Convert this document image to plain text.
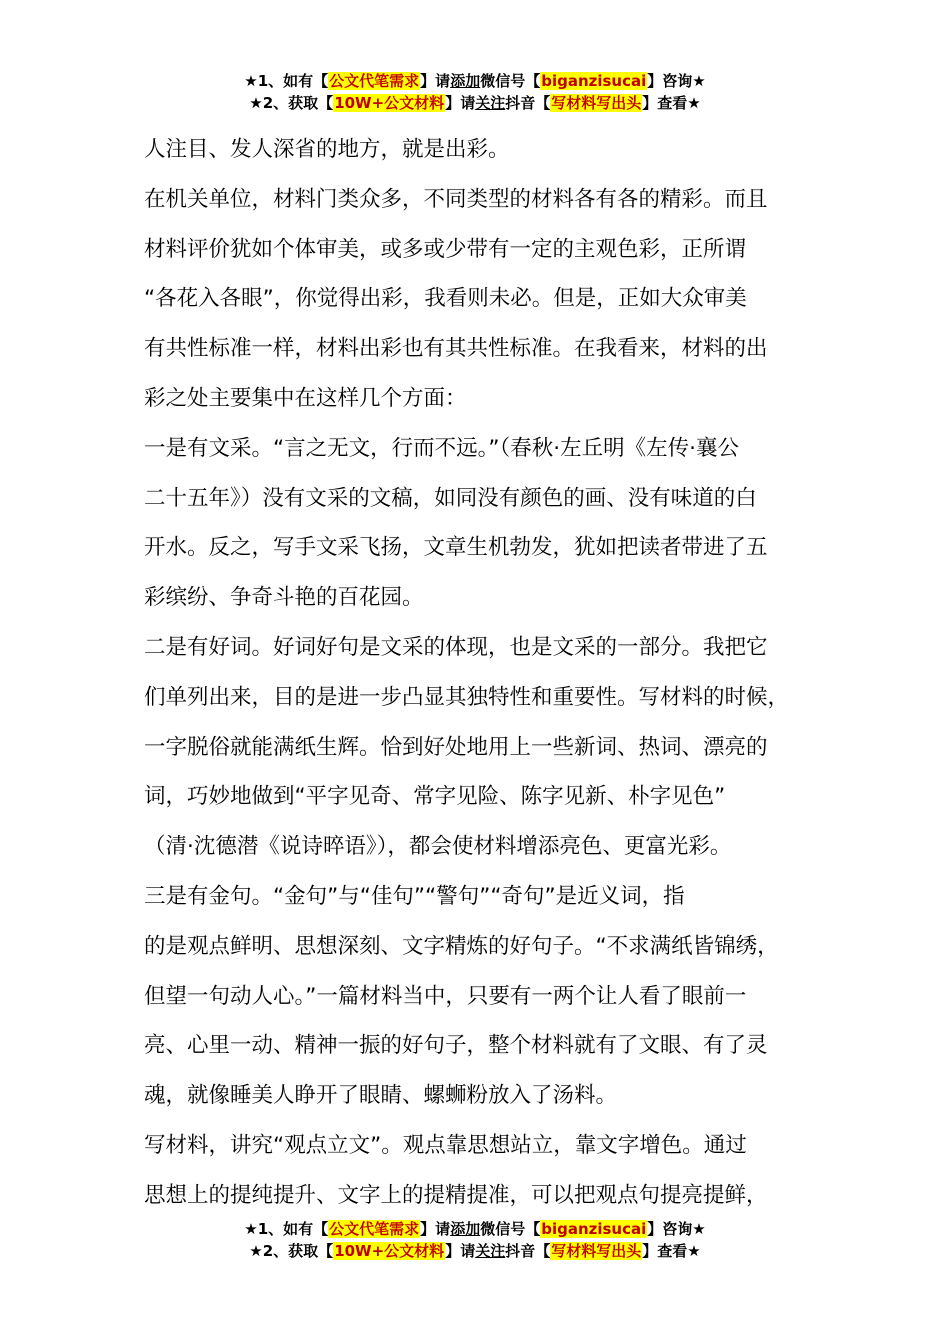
★1、如有【公文代笔需求】请添加微信号【biganzisucai】咨询★
★2、获取【10W+公文材料】请关注抖音【写材料写出头】查看★
人注目、发人深省的地方，就是出彩。
在机关单位，材料门类众多，不同类型的材料各有各的精彩。而且
材料评价犹如个体审美，或多或少带有一定的主观色彩，正所谓
“各花入各眼”，你觉得出彩，我看则未必。但是，正如大众审美
有共性标准一样，材料出彩也有其共性标准。在我看来，材料的出
彩之处主要集中在这样几个方面：
一是有文采。“言之无文，行而不远。”（春秋·左丘明《左传·襄公
二十五年》）没有文采的文稿，如同没有颜色的画、没有味道的白
开水。反之，写手文采飞扬，文章生机勃发，犹如把读者带进了五
彩缤纷、争奇斗艳的百花园。
二是有好词。好词好句是文采的体现，也是文采的一部分。我把它
们单列出来，目的是进一步凸显其独特性和重要性。写材料的时候，
一字脱俗就能满纸生辉。恰到好处地用上一些新词、热词、漂亮的
词，巧妙地做到“平字见奇、常字见险、陈字见新、朴字见色”
（清·沈德潜《说诗晬语》），都会使材料增添亮色、更富光彩。
三是有金句。“金句”与“佳句”“警句”“奇句”是近义词，指
的是观点鲜明、思想深刻、文字精炼的好句子。“不求满纸皆锦绣，
但望一句动人心。”一篇材料当中，只要有一两个让人看了眼前一
亮、心里一动、精神一振的好句子，整个材料就有了文眼、有了灵
魂，就像睡美人睁开了眼睛、螺蛳粉放入了汤料。
写材料，讲究“观点立文”。观点靠思想站立，靠文字增色。通过
思想上的提纯提升、文字上的提精提准，可以把观点句提亮提鲜，
★1、如有【公文代笔需求】请添加微信号【biganzisucai】咨询★
★2、获取【10W+公文材料】请关注抖音【写材料写出头】查看★
